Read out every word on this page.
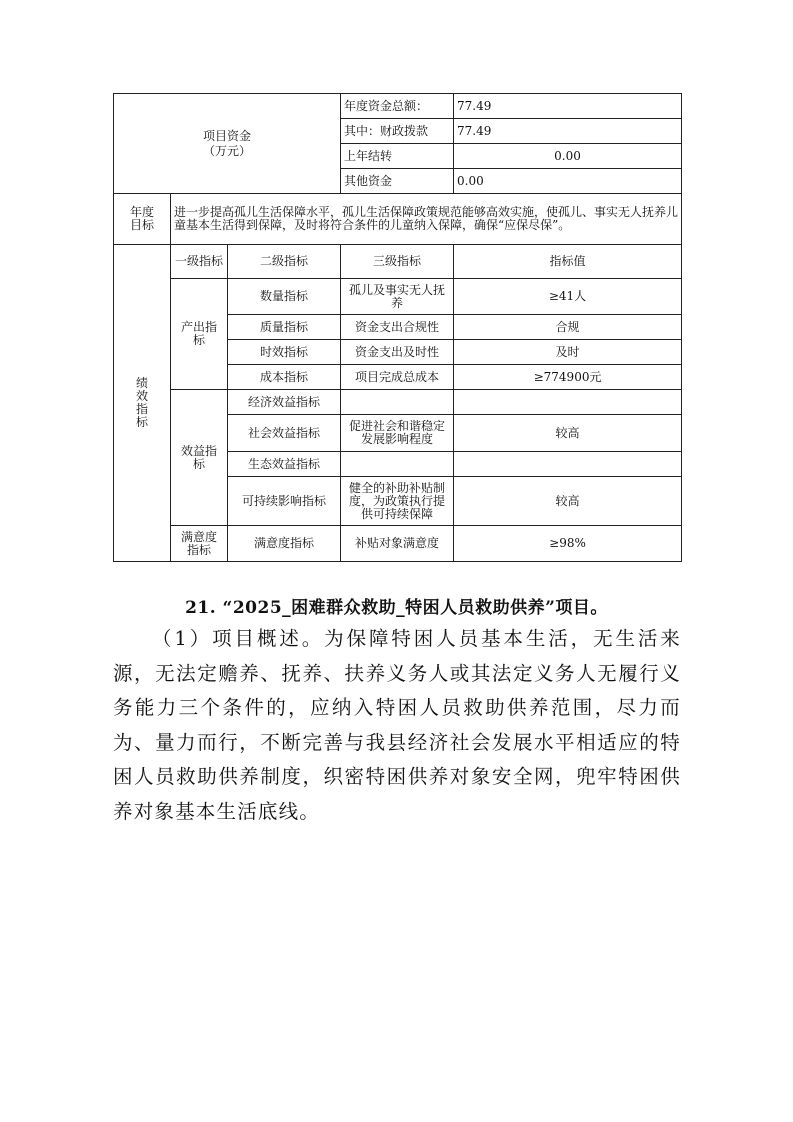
项目资金
（万元）			年度资金总额：	77.49
			其中：财政拨款	77.49
			上年结转	0.00
			其他资金	0.00
年度目标	进一步提高孤儿生活保障水平，孤儿生活保障政策规范能够高效实施，使孤儿、事实无人抚养儿童基本生活得到保障，及时将符合条件的儿童纳入保障，确保“应保尽保”。			
绩效指标	一级指标	二级指标	三级指标	指标值
	产出指标	数量指标	孤儿及事实无人抚养	≥41人
		质量指标	资金支出合规性	合规
		时效指标	资金支出及时性	及时
		成本指标	项目完成总成本	≥774900元
	效益指标	经济效益指标		
		社会效益指标	促进社会和谐稳定发展影响程度	较高
		生态效益指标		
		可持续影响指标	健全的补助补贴制度，为政策执行提供可持续保障	较高
	满意度指标	满意度指标	补贴对象满意度	≥98%
21. “2025_困难群众救助_特困人员救助供养”项目。

（1）项目概述。为保障特困人员基本生活，无生活来源，无法定赡养、抚养、扶养义务人或其法定义务人无履行义务能力三个条件的，应纳入特困人员救助供养范围，尽力而为、量力而行，不断完善与我县经济社会发展水平相适应的特困人员救助供养制度，织密特困供养对象安全网，兜牢特困供养对象基本生活底线。
